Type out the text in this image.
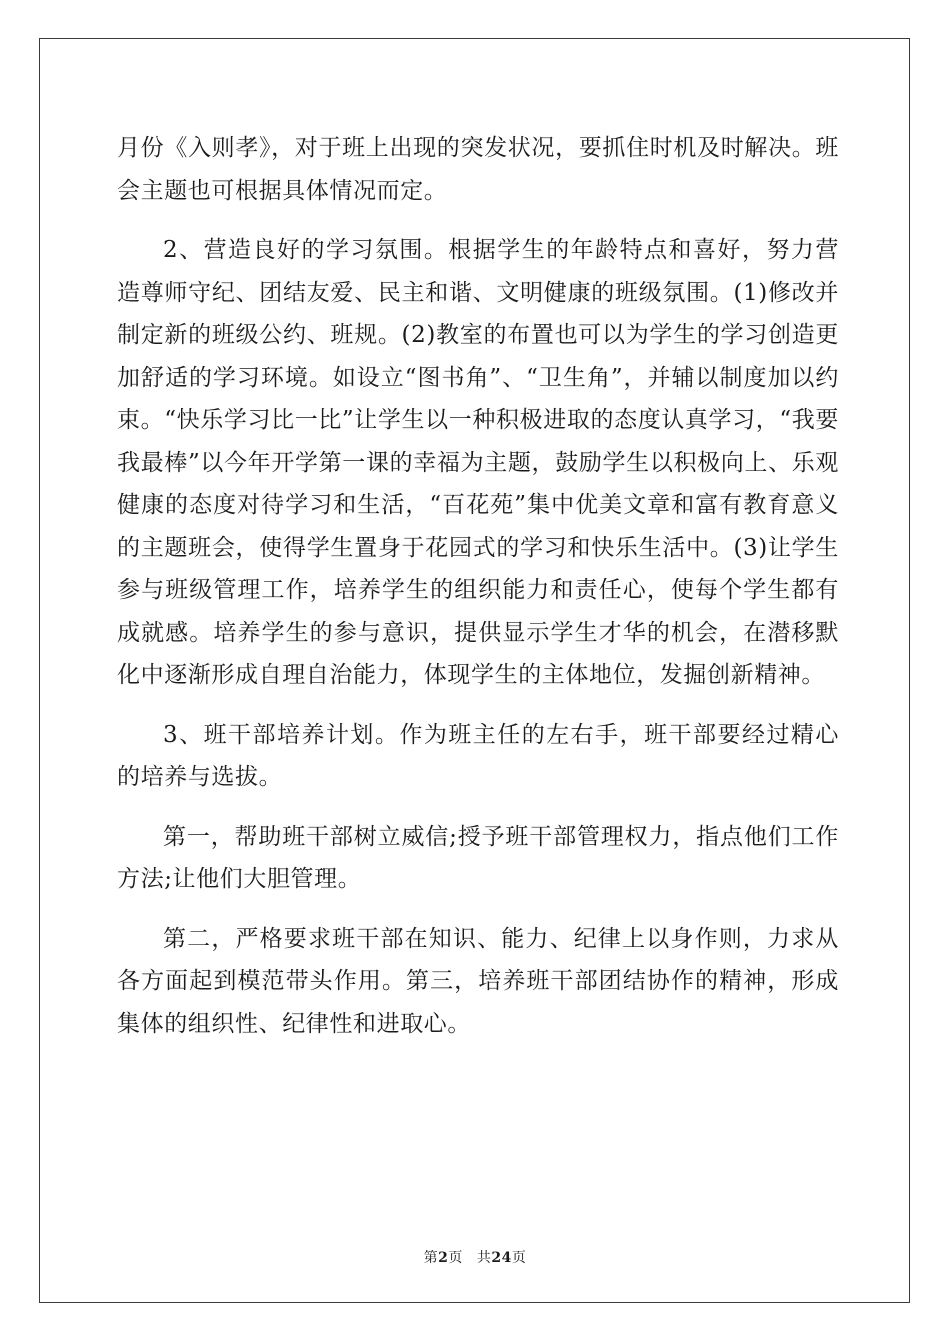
月份《入则孝》，对于班上出现的突发状况，要抓住时机及时解决。班会主题也可根据具体情况而定。

2、营造良好的学习氛围。根据学生的年龄特点和喜好，努力营造尊师守纪、团结友爱、民主和谐、文明健康的班级氛围。(1)修改并制定新的班级公约、班规。(2)教室的布置也可以为学生的学习创造更加舒适的学习环境。如设立“图书角”、“卫生角”，并辅以制度加以约束。“快乐学习比一比”让学生以一种积极进取的态度认真学习，“我要我最棒”以今年开学第一课的幸福为主题，鼓励学生以积极向上、乐观健康的态度对待学习和生活，“百花苑”集中优美文章和富有教育意义的主题班会，使得学生置身于花园式的学习和快乐生活中。(3)让学生参与班级管理工作，培养学生的组织能力和责任心，使每个学生都有成就感。培养学生的参与意识，提供显示学生才华的机会，在潜移默化中逐渐形成自理自治能力，体现学生的主体地位，发掘创新精神。

3、班干部培养计划。作为班主任的左右手，班干部要经过精心的培养与选拔。

第一，帮助班干部树立威信;授予班干部管理权力，指点他们工作方法;让他们大胆管理。

第二，严格要求班干部在知识、能力、纪律上以身作则，力求从各方面起到模范带头作用。第三，培养班干部团结协作的精神，形成集体的组织性、纪律性和进取心。

第2页 共24页
